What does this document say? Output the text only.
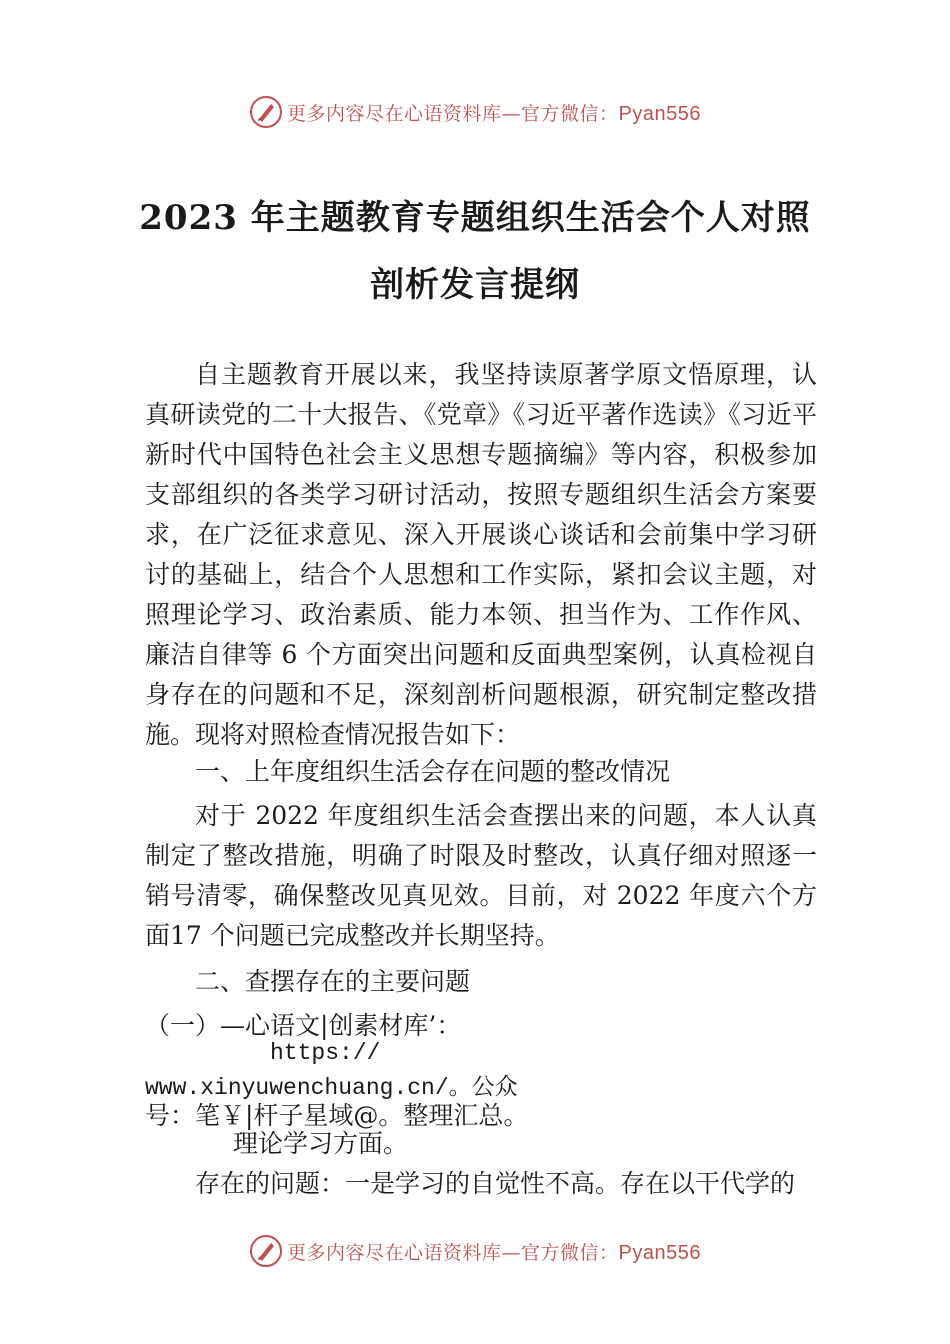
更多内容尽在心语资料库—官方微信：Pyan556
2023 年主题教育专题组织生活会个人对照
剖析发言提纲

自主题教育开展以来，我坚持读原著学原文悟原理，认真研读党的二十大报告、《党章》《习近平著作选读》《习近平新时代中国特色社会主义思想专题摘编》等内容，积极参加支部组织的各类学习研讨活动，按照专题组织生活会方案要求，在广泛征求意见、深入开展谈心谈话和会前集中学习研讨的基础上，结合个人思想和工作实际，紧扣会议主题，对照理论学习、政治素质、能力本领、担当作为、工作作风、 廉洁自律等 6 个方面突出问题和反面典型案例，认真检视自身存在的问题和不足，深刻剖析问题根源，研究制定整改措施。现将对照检查情况报告如下：

一、上年度组织生活会存在问题的整改情况

对于 2022 年度组织生活会查摆出来的问题，本人认真制定了整改措施，明确了时限及时整改，认真仔细对照逐一销号清零，确保整改见真见效。目前，对 2022 年度六个方面17 个问题已完成整改并长期坚持。

二、查摆存在的主要问题
（一）—心语文|创素材库’：
https://
www.xinyuwenchuang.cn/。公众
号：笔￥|杆子星域@。整理汇总。
理论学习方面。
存在的问题：一是学习的自觉性不高。存在以干代学的
更多内容尽在心语资料库—官方微信：Pyan556
